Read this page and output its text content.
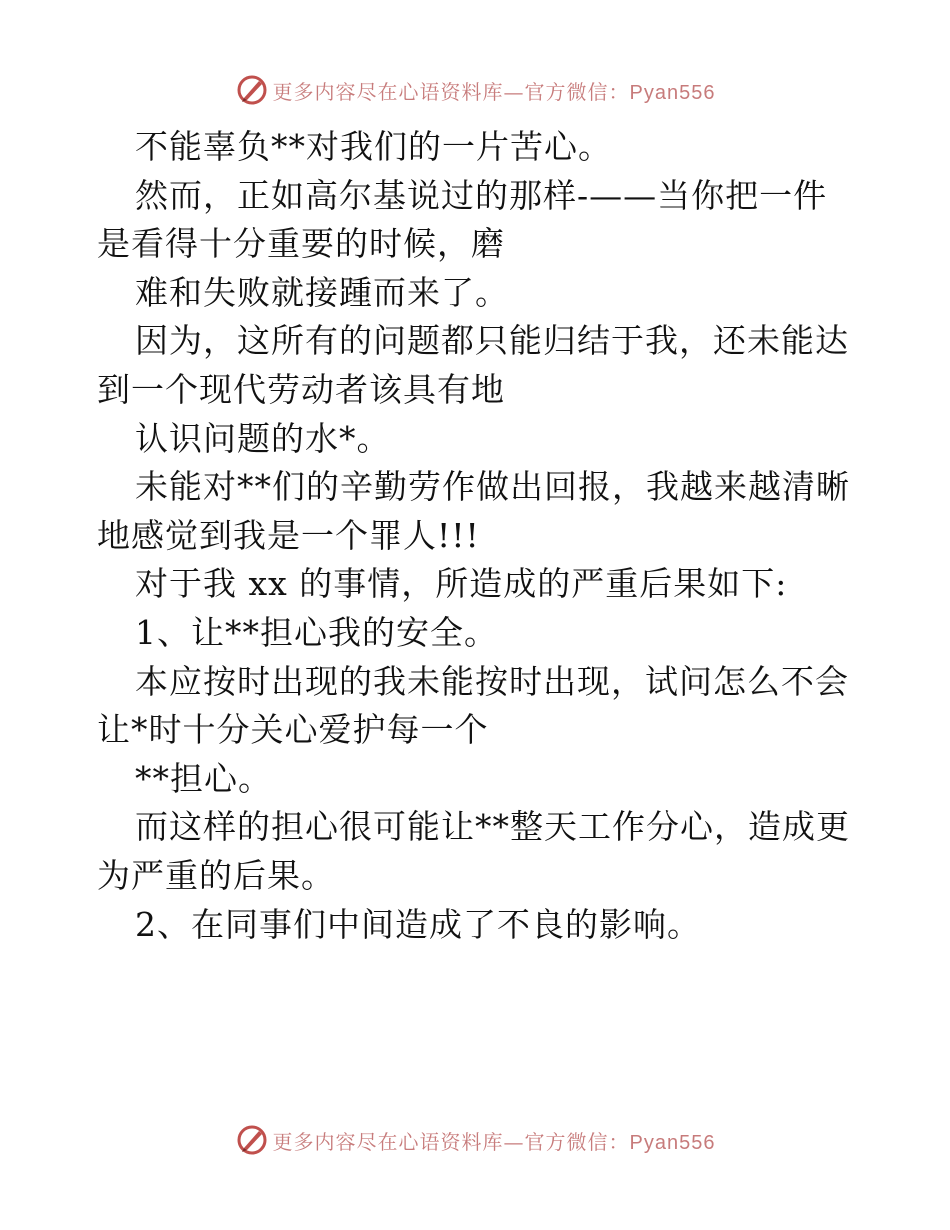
更多内容尽在心语资料库—官方微信：Pyan556
不能辜负**对我们的一片苦心。
然而，正如高尔基说过的那样-——当你把一件
是看得十分重要的时候，磨
难和失败就接踵而来了。
因为，这所有的问题都只能归结于我，还未能达
到一个现代劳动者该具有地
认识问题的水*。
未能对**们的辛勤劳作做出回报，我越来越清晰
地感觉到我是一个罪人!!!
对于我 xx 的事情，所造成的严重后果如下:
1、让**担心我的安全。
本应按时出现的我未能按时出现，试问怎么不会
让*时十分关心爱护每一个
**担心。
而这样的担心很可能让**整天工作分心，造成更
为严重的后果。
2、在同事们中间造成了不良的影响。
更多内容尽在心语资料库—官方微信：Pyan556
